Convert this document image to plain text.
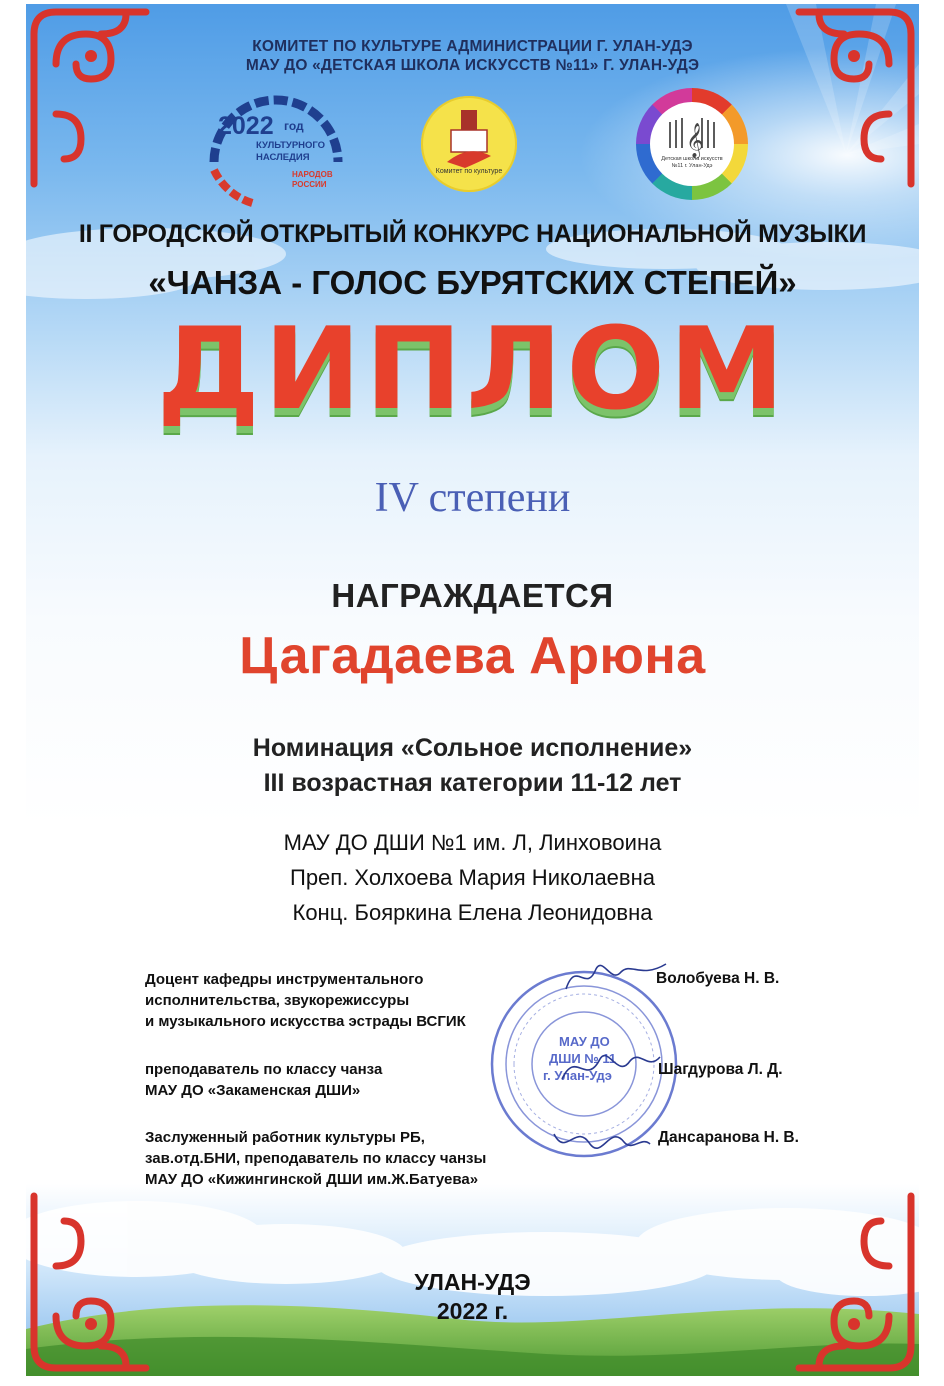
КОМИТЕТ ПО КУЛЬТУРЕ АДМИНИСТРАЦИИ Г. УЛАН-УДЭ
МАУ ДО «ДЕТСКАЯ ШКОЛА ИСКУССТВ №11» Г. УЛАН-УДЭ
2022 год
КУЛЬТУРНОГО
НАСЛЕДИЯ
НАРОДОВ
РОССИИ
Комитет по культуре
𝄞
Детская школа искусств №11 г. Улан-Удэ
II ГОРОДСКОЙ ОТКРЫТЫЙ КОНКУРС НАЦИОНАЛЬНОЙ МУЗЫКИ
«ЧАНЗА - ГОЛОС БУРЯТСКИХ СТЕПЕЙ»
ДИПЛОМ
IV степени
НАГРАЖДАЕТСЯ
Цагадаева Арюна
Номинация «Сольное исполнение»
III возрастная категории 11-12 лет
МАУ ДО ДШИ №1 им. Л, Линховоина
Преп. Холхоева Мария Николаевна
Конц. Бояркина Елена Леонидовна
МАУ ДО
ДШИ № 11
г. Улан-Удэ
Доцент кафедры инструментального
исполнительства, звукорежиссуры
и музыкального искусства эстрады ВСГИК
Волобуева Н. В.
преподаватель по классу чанза
МАУ ДО «Закаменская ДШИ»
Шагдурова Л. Д.
Заслуженный работник культуры РБ,
зав.отд.БНИ, преподаватель по классу чанзы
МАУ ДО «Кижингинской ДШИ им.Ж.Батуева»
Дансаранова Н. В.
УЛАН-УДЭ
2022 г.
